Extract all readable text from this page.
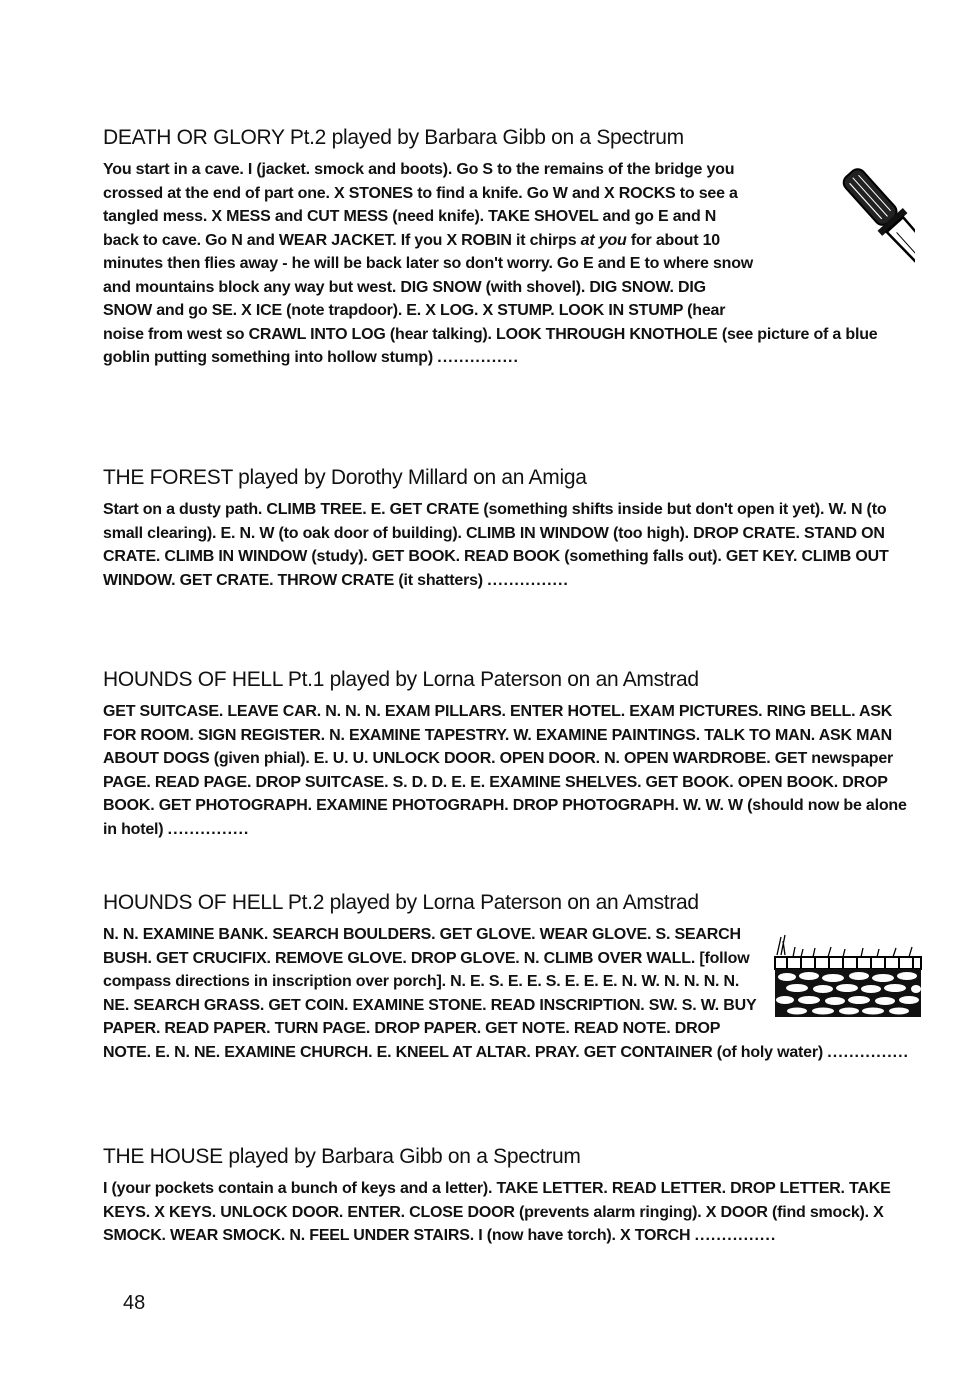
DEATH OR GLORY Pt.2 played by Barbara Gibb on a Spectrum

You start in a cave. I (jacket. smock and boots). Go S to the remains of the bridge you crossed at the end of part one. X STONES to find a knife. Go W and X ROCKS to see a tangled mess. X MESS and CUT MESS (need knife). TAKE SHOVEL and go E and N back to cave. Go N and WEAR JACKET. If you X ROBIN it chirps at you for about 10 minutes then flies away - he will be back later so don't worry. Go E and E to where snow and mountains block any way but west. DIG SNOW (with shovel). DIG SNOW. DIG SNOW and go SE. X ICE (note trapdoor). E. X LOG. X STUMP. LOOK IN STUMP (hear noise from west so CRAWL INTO LOG (hear talking). LOOK THROUGH KNOTHOLE (see picture of a blue goblin putting something into hollow stump) ...............

THE FOREST played by Dorothy Millard on an Amiga

Start on a dusty path. CLIMB TREE. E. GET CRATE (something shifts inside but don't open it yet). W. N (to small clearing). E. N. W (to oak door of building). CLIMB IN WINDOW (too high). DROP CRATE. STAND ON CRATE. CLIMB IN WINDOW (study). GET BOOK. READ BOOK (something falls out). GET KEY. CLIMB OUT WINDOW. GET CRATE. THROW CRATE (it shatters) ...............

HOUNDS OF HELL Pt.1 played by Lorna Paterson on an Amstrad

GET SUITCASE. LEAVE CAR. N. N. N. EXAM PILLARS. ENTER HOTEL. EXAM PICTURES. RING BELL. ASK FOR ROOM. SIGN REGISTER. N. EXAMINE TAPESTRY. W. EXAMINE PAINTINGS. TALK TO MAN. ASK MAN ABOUT DOGS (given phial). E. U. U. UNLOCK DOOR. OPEN DOOR. N. OPEN WARDROBE. GET newspaper PAGE. READ PAGE. DROP SUITCASE. S. D. D. E. E. EXAMINE SHELVES. GET BOOK. OPEN BOOK. DROP BOOK. GET PHOTOGRAPH. EXAMINE PHOTOGRAPH. DROP PHOTOGRAPH. W. W. W (should now be alone in hotel) ...............

HOUNDS OF HELL Pt.2 played by Lorna Paterson on an Amstrad

N. N. EXAMINE BANK. SEARCH BOULDERS. GET GLOVE. WEAR GLOVE. S. SEARCH BUSH. GET CRUCIFIX. REMOVE GLOVE. DROP GLOVE. N. CLIMB OVER WALL. [follow compass directions in inscription over porch]. N. E. S. E. E. S. E. E. E. N. W. N. N. N. N. NE. SEARCH GRASS. GET COIN. EXAMINE STONE. READ INSCRIPTION. SW. S. W. BUY PAPER. READ PAPER. TURN PAGE. DROP PAPER. GET NOTE. READ NOTE. DROP NOTE. E. N. NE. EXAMINE CHURCH. E. KNEEL AT ALTAR. PRAY. GET CONTAINER (of holy water) ...............

THE HOUSE played by Barbara Gibb on a Spectrum

I (your pockets contain a bunch of keys and a letter). TAKE LETTER. READ LETTER. DROP LETTER. TAKE KEYS. X KEYS. UNLOCK DOOR. ENTER. CLOSE DOOR (prevents alarm ringing). X DOOR (find smock). X SMOCK. WEAR SMOCK. N. FEEL UNDER STAIRS. I (now have torch). X TORCH ...............

48
